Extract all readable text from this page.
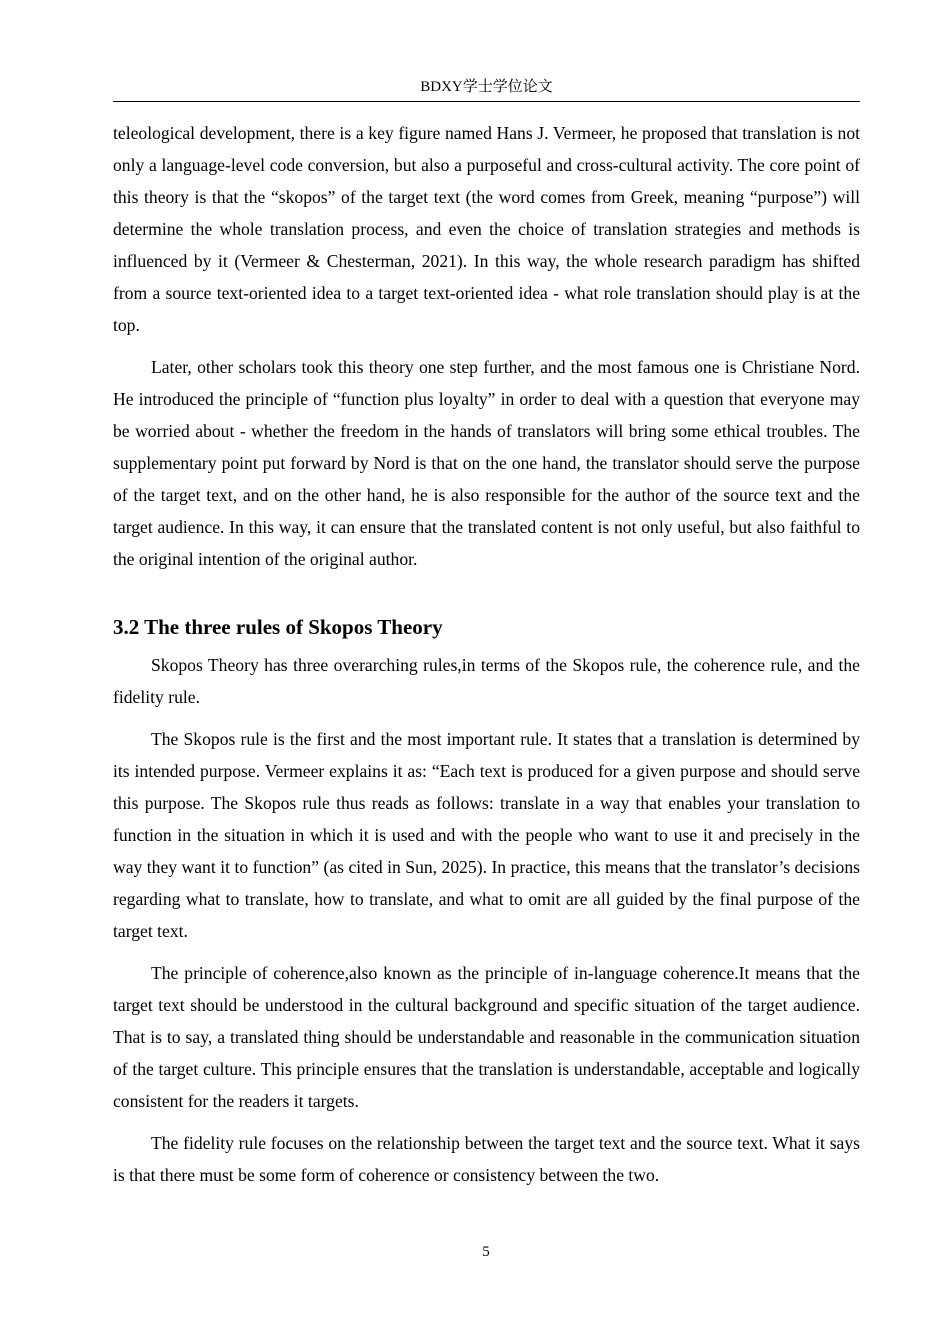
BDXY学士学位论文

teleological development, there is a key figure named Hans J. Vermeer, he proposed that translation is not only a language-level code conversion, but also a purposeful and cross-cultural activity. The core point of this theory is that the “skopos” of the target text (the word comes from Greek, meaning “purpose”) will determine the whole translation process, and even the choice of translation strategies and methods is influenced by it (Vermeer & Chesterman, 2021). In this way, the whole research paradigm has shifted from a source text-oriented idea to a target text-oriented idea - what role translation should play is at the top.

Later, other scholars took this theory one step further, and the most famous one is Christiane Nord. He introduced the principle of “function plus loyalty” in order to deal with a question that everyone may be worried about - whether the freedom in the hands of translators will bring some ethical troubles. The supplementary point put forward by Nord is that on the one hand, the translator should serve the purpose of the target text, and on the other hand, he is also responsible for the author of the source text and the target audience. In this way, it can ensure that the translated content is not only useful, but also faithful to the original intention of the original author.

3.2 The three rules of Skopos Theory

Skopos Theory has three overarching rules,in terms of the Skopos rule, the coherence rule, and the fidelity rule.

The Skopos rule is the first and the most important rule. It states that a translation is determined by its intended purpose. Vermeer explains it as: “Each text is produced for a given purpose and should serve this purpose. The Skopos rule thus reads as follows: translate in a way that enables your translation to function in the situation in which it is used and with the people who want to use it and precisely in the way they want it to function” (as cited in Sun, 2025). In practice, this means that the translator’s decisions regarding what to translate, how to translate, and what to omit are all guided by the final purpose of the target text.

The principle of coherence,also known as the principle of in-language coherence.It means that the target text should be understood in the cultural background and specific situation of the target audience. That is to say, a translated thing should be understandable and reasonable in the communication situation of the target culture. This principle ensures that the translation is understandable, acceptable and logically consistent for the readers it targets.

The fidelity rule focuses on the relationship between the target text and the source text. What it says is that there must be some form of coherence or consistency between the two.

5
